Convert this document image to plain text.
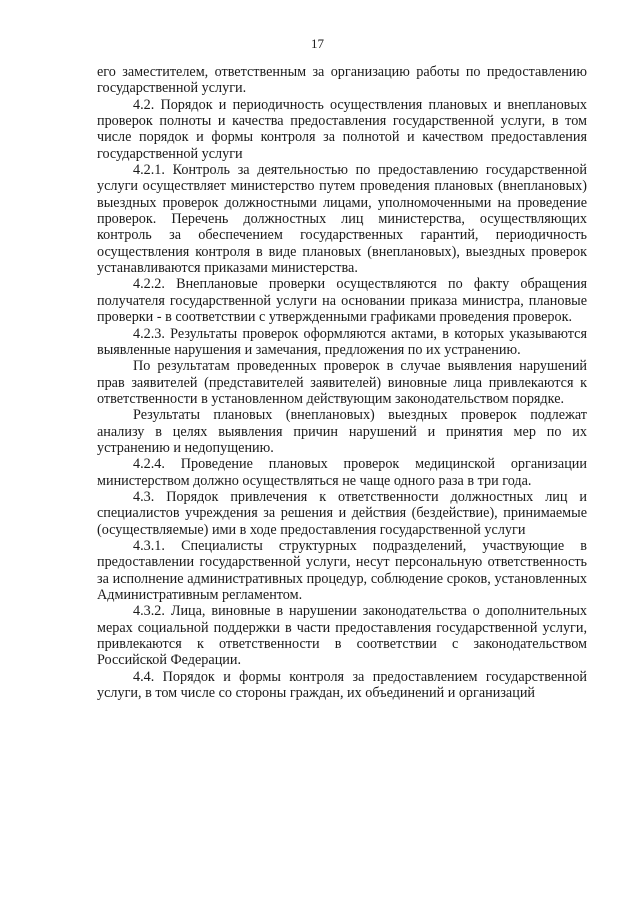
17

его заместителем, ответственным за организацию работы по предоставлению государственной услуги.

4.2. Порядок и периодичность осуществления плановых и внеплановых проверок полноты и качества предоставления государственной услуги, в том числе порядок и формы контроля за полнотой и качеством предоставления государственной услуги

4.2.1. Контроль за деятельностью по предоставлению государственной услуги осуществляет министерство путем проведения плановых (внеплановых) выездных проверок должностными лицами, уполномоченными на проведение проверок. Перечень должностных лиц министерства, осуществляющих контроль за обеспечением государственных гарантий, периодичность осуществления контроля в виде плановых (внеплановых), выездных проверок устанавливаются приказами министерства.

4.2.2. Внеплановые проверки осуществляются по факту обращения получателя государственной услуги на основании приказа министра, плановые проверки - в соответствии с утвержденными графиками проведения проверок.

4.2.3. Результаты проверок оформляются актами, в которых указываются выявленные нарушения и замечания, предложения по их устранению.

По результатам проведенных проверок в случае выявления нарушений прав заявителей (представителей заявителей) виновные лица привлекаются к ответственности в установленном действующим законодательством порядке.

Результаты плановых (внеплановых) выездных проверок подлежат анализу в целях выявления причин нарушений и принятия мер по их устранению и недопущению.

4.2.4. Проведение плановых проверок медицинской организации министерством должно осуществляться не чаще одного раза в три года.

4.3. Порядок привлечения к ответственности должностных лиц и специалистов учреждения за решения и действия (бездействие), принимаемые (осуществляемые) ими в ходе предоставления государственной услуги

4.3.1. Специалисты структурных подразделений, участвующие в предоставлении государственной услуги, несут персональную ответственность за исполнение административных процедур, соблюдение сроков, установленных Административным регламентом.

4.3.2. Лица, виновные в нарушении законодательства о дополнительных мерах социальной поддержки в части предоставления государственной услуги, привлекаются к ответственности в соответствии с законодательством Российской Федерации.

4.4. Порядок и формы контроля за предоставлением государственной услуги, в том числе со стороны граждан, их объединений и организаций
